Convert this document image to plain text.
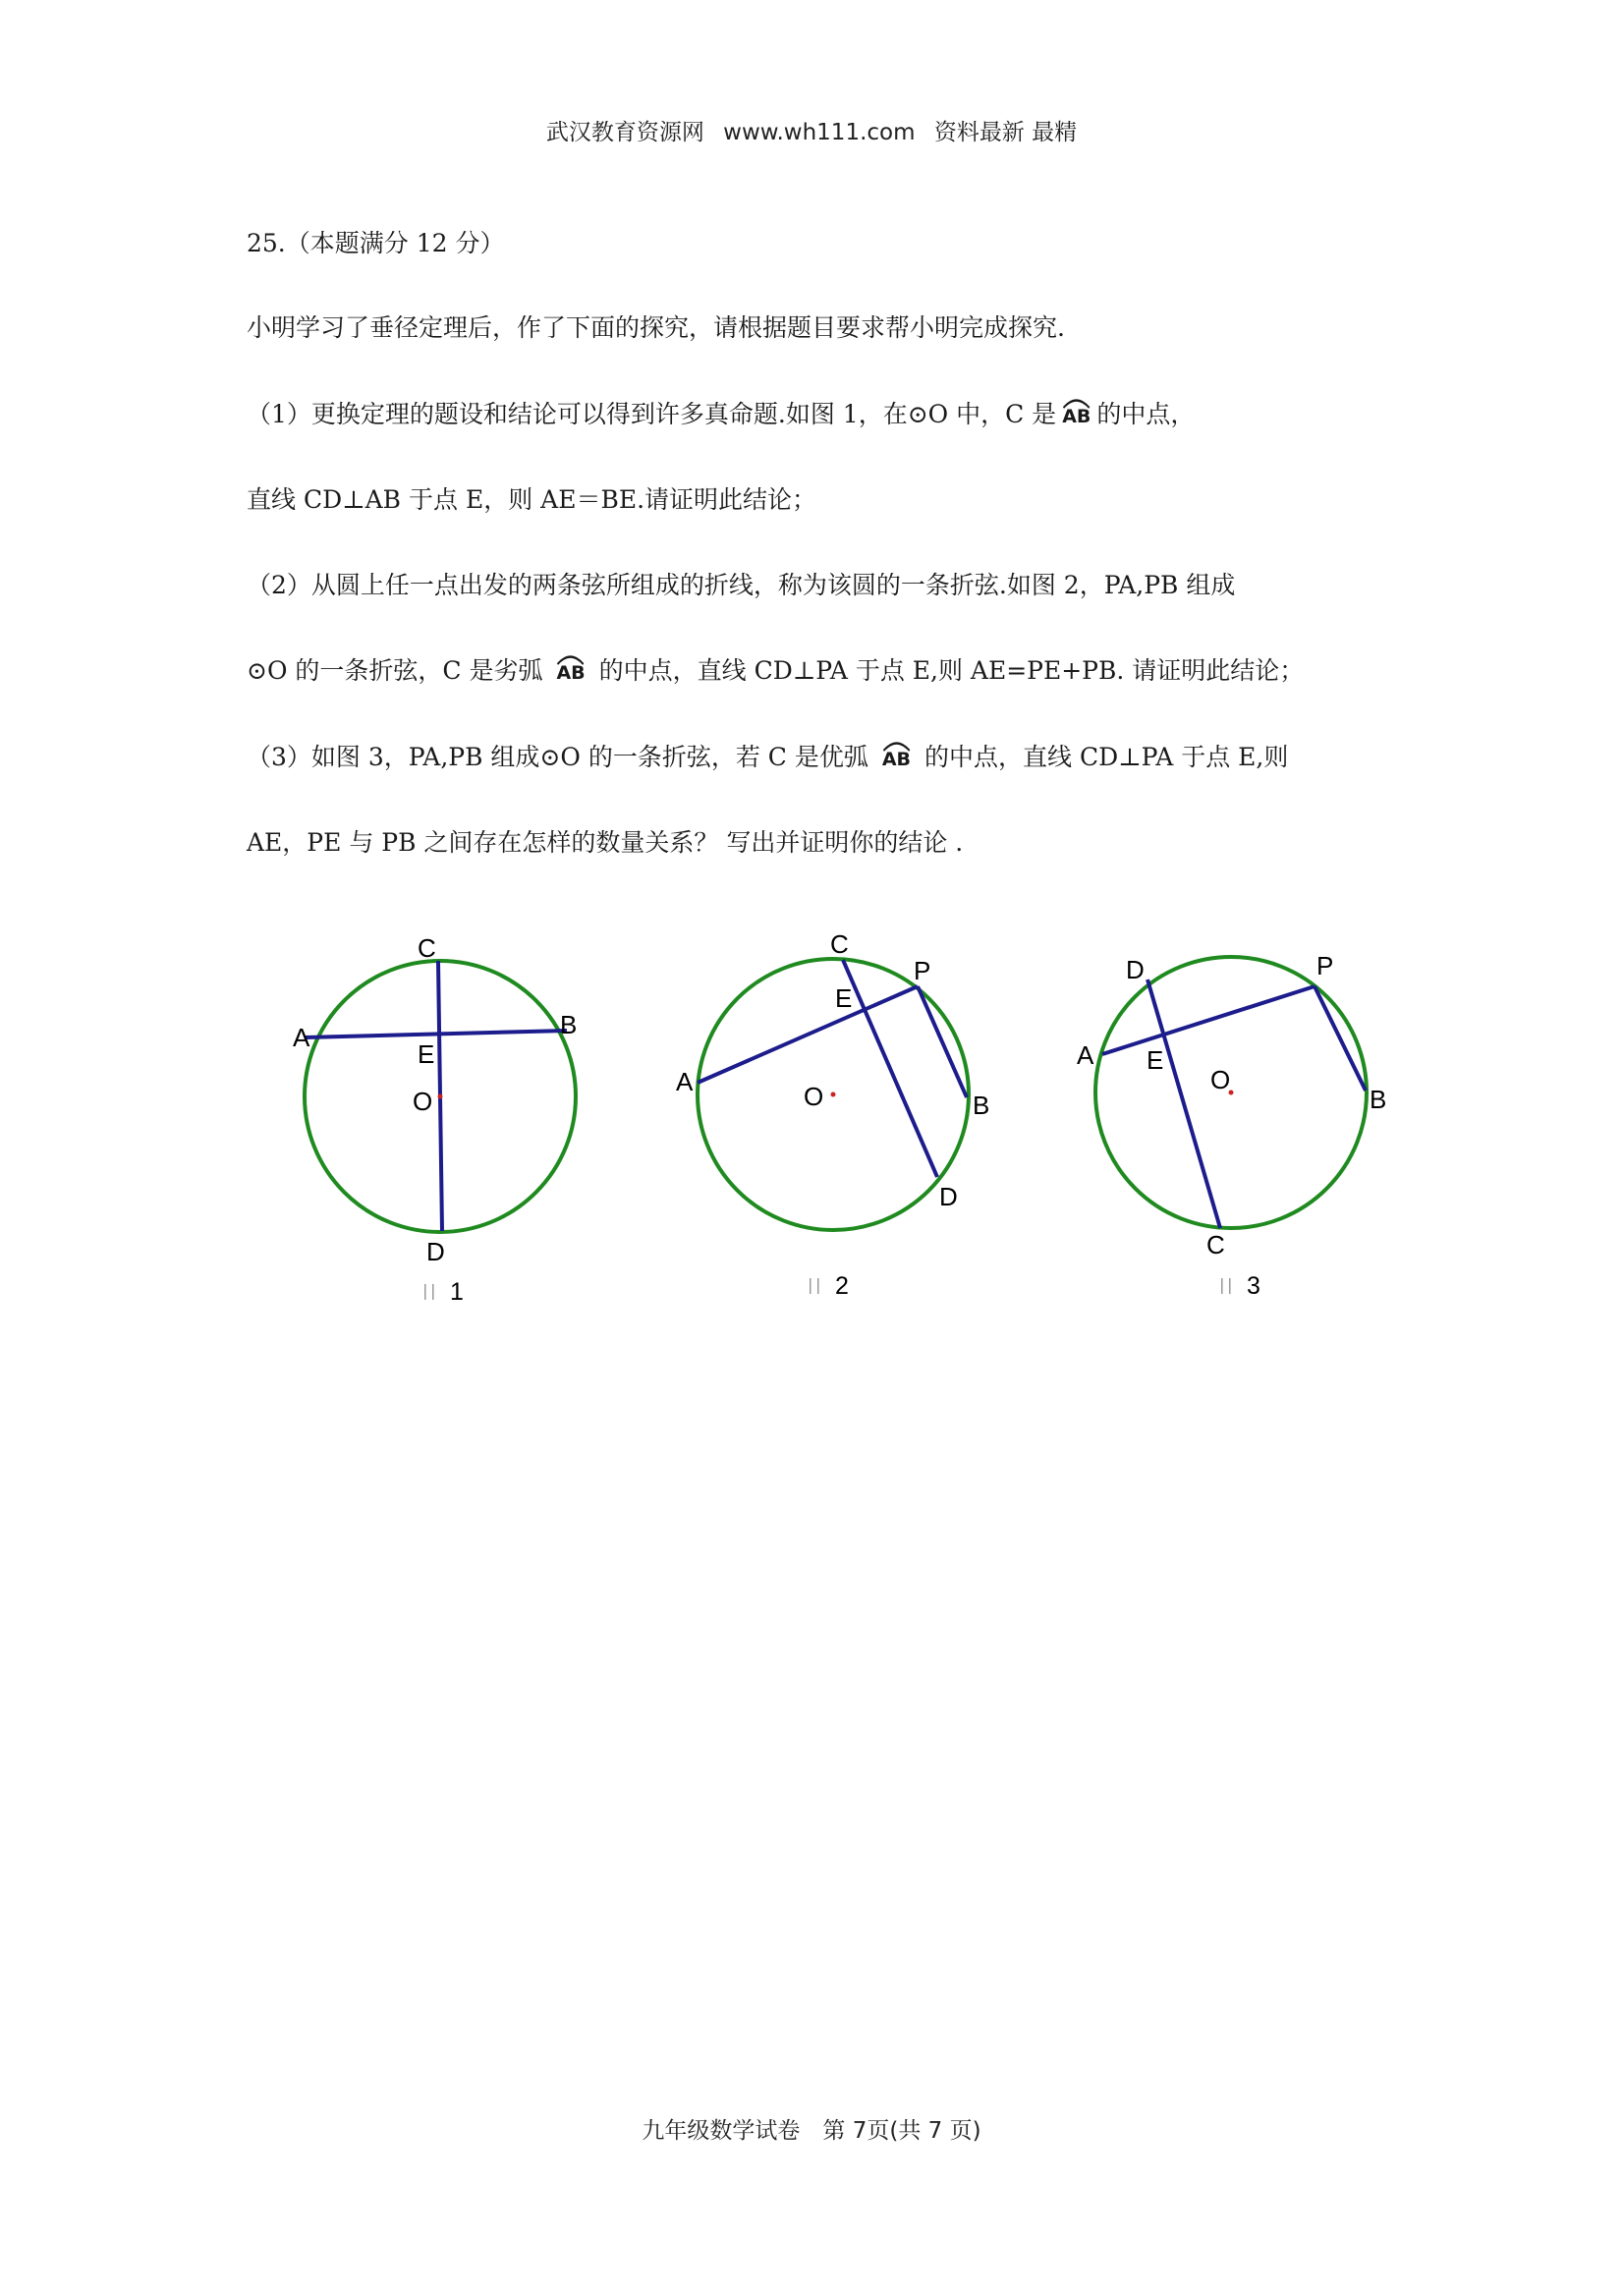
武汉教育资源网 www.wh111.com 资料最新 最精
25.（本题满分 12 分）
小明学习了垂径定理后，作了下面的探究，请根据题目要求帮小明完成探究.
（1）更换定理的题设和结论可以得到许多真命题.如图 1，在⊙O 中，C 是 AB 的中点，
直线 CD⊥AB 于点 E，则 AE＝BE.请证明此结论；
（2）从圆上任一点出发的两条弦所组成的折线，称为该圆的一条折弦.如图 2，PA,PB 组成
⊙O 的一条折弦，C 是劣弧 AB 的中点，直线 CD⊥PA 于点 E,则 AE=PE+PB. 请证明此结论；
（3）如图 3，PA,PB 组成⊙O 的一条折弦，若 C 是优弧 AB 的中点，直线 CD⊥PA 于点 E,则
AE，PE 与 PB 之间存在怎样的数量关系？ 写出并证明你的结论 .
C
A	B
E
O
D
1
C
P
E
A	O	B
D
2
D	P
A E
O
B
C
3
九年级数学试卷　第 7页(共 7 页)
